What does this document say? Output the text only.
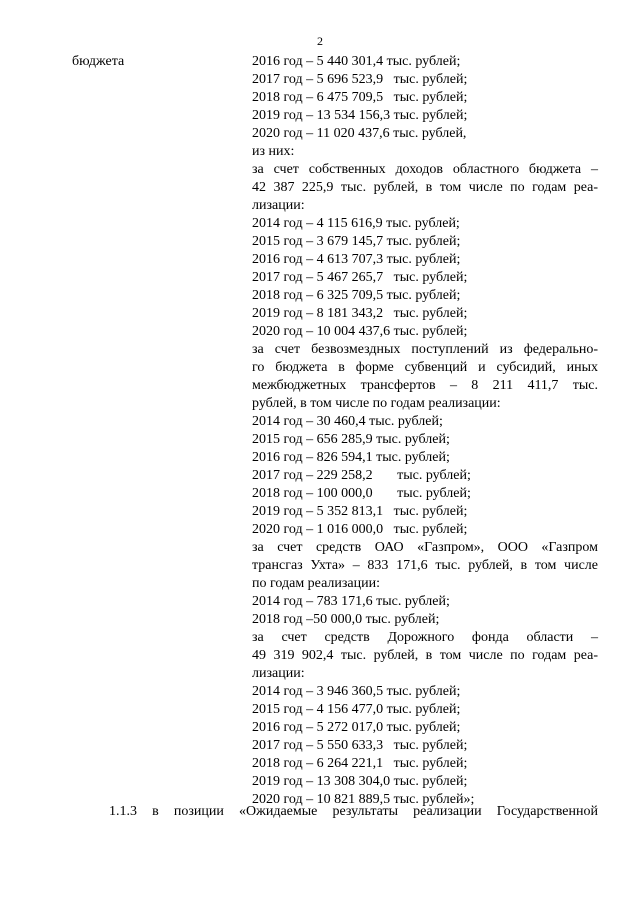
2
бюджета	2016 год – 5 440 301,4 тыс. рублей;
2017 год – 5 696 523,9   тыс. рублей;
2018 год – 6 475 709,5   тыс. рублей;
2019 год – 13 534 156,3 тыс. рублей;
2020 год – 11 020 437,6 тыс. рублей,
из них:
за счет собственных доходов областного бюджета –
42 387 225,9 тыс. рублей, в том числе по годам реа-
лизации:
2014 год – 4 115 616,9 тыс. рублей;
2015 год – 3 679 145,7 тыс. рублей;
2016 год – 4 613 707,3 тыс. рублей;
2017 год – 5 467 265,7   тыс. рублей;
2018 год – 6 325 709,5 тыс. рублей;
2019 год – 8 181 343,2   тыс. рублей;
2020 год – 10 004 437,6 тыс. рублей;
за счет безвозмездных поступлений из федерально-
го бюджета в форме субвенций и субсидий, иных
межбюджетных трансфертов – 8 211 411,7 тыс.
рублей, в том числе по годам реализации:
2014 год – 30 460,4 тыс. рублей;
2015 год – 656 285,9 тыс. рублей;
2016 год – 826 594,1 тыс. рублей;
2017 год – 229 258,2       тыс. рублей;
2018 год – 100 000,0       тыс. рублей;
2019 год – 5 352 813,1   тыс. рублей;
2020 год – 1 016 000,0   тыс. рублей;
за счет средств ОАО «Газпром», ООО «Газпром
трансгаз Ухта» – 833 171,6 тыс. рублей, в том числе
по годам реализации:
2014 год – 783 171,6 тыс. рублей;
2018 год –50 000,0 тыс. рублей;
за счет средств Дорожного фонда области –
49 319 902,4 тыс. рублей, в том числе по годам реа-
лизации:
2014 год – 3 946 360,5 тыс. рублей;
2015 год – 4 156 477,0 тыс. рублей;
2016 год – 5 272 017,0 тыс. рублей;
2017 год – 5 550 633,3   тыс. рублей;
2018 год – 6 264 221,1   тыс. рублей;
2019 год – 13 308 304,0 тыс. рублей;
2020 год – 10 821 889,5 тыс. рублей»;
1.1.3 в позиции «Ожидаемые результаты реализации Государственной
